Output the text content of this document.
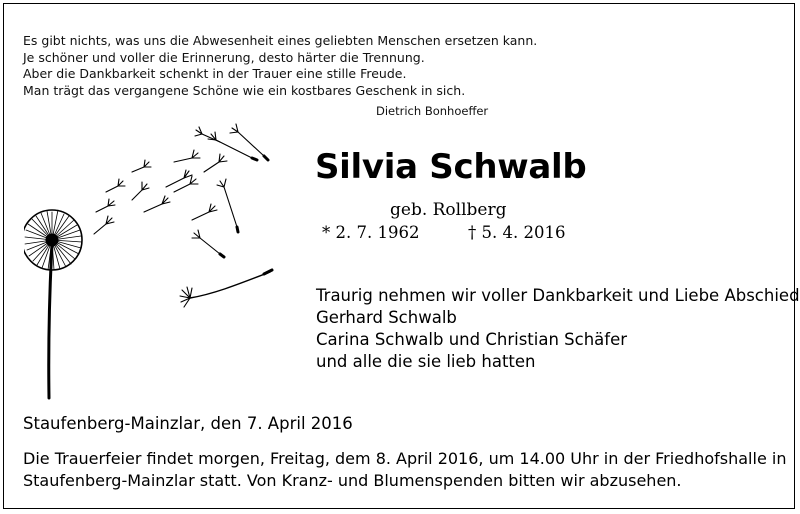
Es gibt nichts, was uns die Abwesenheit eines geliebten Menschen ersetzen kann.
Je schöner und voller die Erinnerung, desto härter die Trennung.
Aber die Dankbarkeit schenkt in der Trauer eine stille Freude.
Man trägt das vergangene Schöne wie ein kostbares Geschenk in sich.
Dietrich Bonhoeffer
Silvia Schwalb
geb. Rollberg
* 2. 7. 1962	† 5. 4. 2016
Traurig nehmen wir voller Dankbarkeit und Liebe Abschied
Gerhard Schwalb
Carina Schwalb und Christian Schäfer
und alle die sie lieb hatten
Staufenberg-Mainzlar, den 7. April 2016
Die Trauerfeier findet morgen, Freitag, dem 8. April 2016, um 14.00 Uhr in der Friedhofshalle in
Staufenberg-Mainzlar statt. Von Kranz- und Blumenspenden bitten wir abzusehen.
